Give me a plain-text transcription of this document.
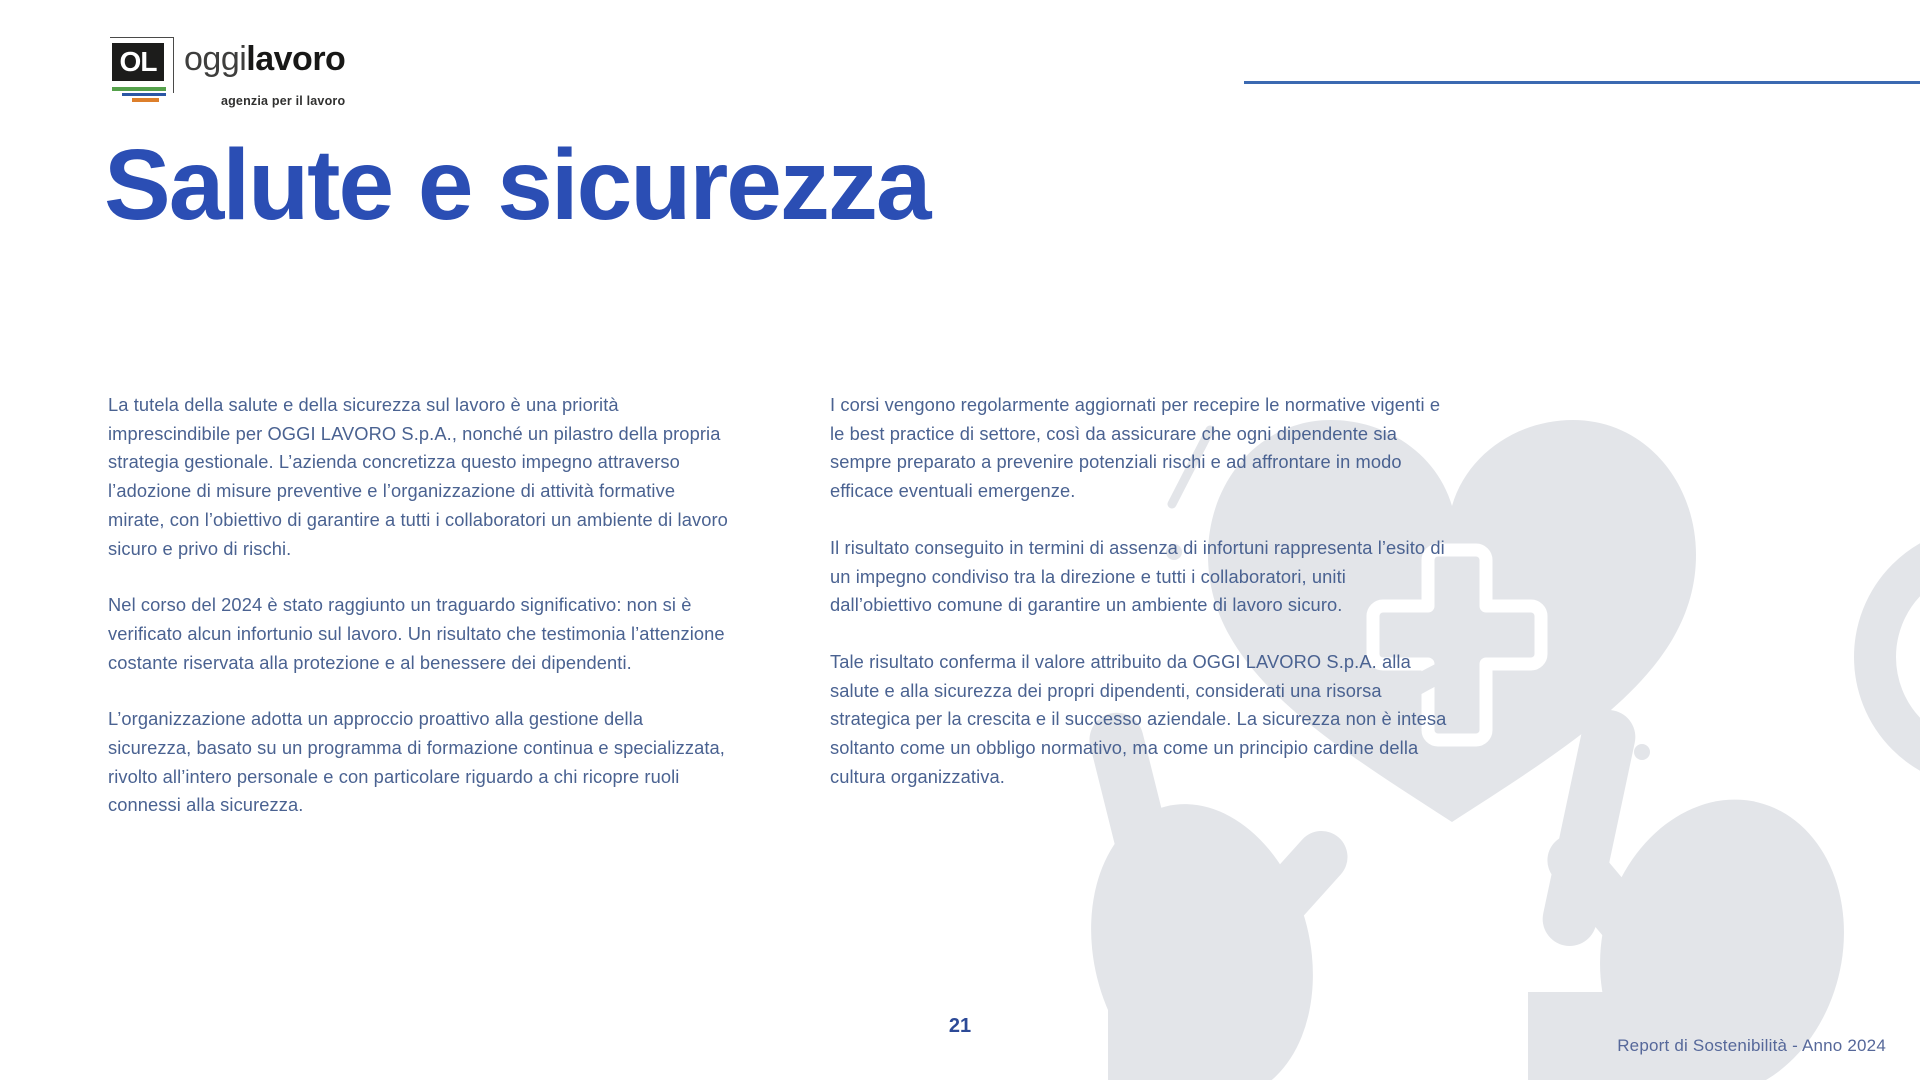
OL oggilavoro
agenzia per il lavoro
Salute e sicurezza

La tutela della salute e della sicurezza sul lavoro è una priorità imprescindibile per OGGI LAVORO S.p.A., nonché un pilastro della propria strategia gestionale. L’azienda concretizza questo impegno attraverso l’adozione di misure preventive e l’organizzazione di attività formative mirate, con l’obiettivo di garantire a tutti i collaboratori un ambiente di lavoro sicuro e privo di rischi.

Nel corso del 2024 è stato raggiunto un traguardo significativo: non si è verificato alcun infortunio sul lavoro. Un risultato che testimonia l’attenzione costante riservata alla protezione e al benessere dei dipendenti.

L’organizzazione adotta un approccio proattivo alla gestione della sicurezza, basato su un programma di formazione continua e specializzata, rivolto all’intero personale e con particolare riguardo a chi ricopre ruoli connessi alla sicurezza.

I corsi vengono regolarmente aggiornati per recepire le normative vigenti e le best practice di settore, così da assicurare che ogni dipendente sia sempre preparato a prevenire potenziali rischi e ad affrontare in modo efficace eventuali emergenze.

Il risultato conseguito in termini di assenza di infortuni rappresenta l’esito di un impegno condiviso tra la direzione e tutti i collaboratori, uniti dall’obiettivo comune di garantire un ambiente di lavoro sicuro.

Tale risultato conferma il valore attribuito da OGGI LAVORO S.p.A. alla salute e alla sicurezza dei propri dipendenti, considerati una risorsa strategica per la crescita e il successo aziendale. La sicurezza non è intesa soltanto come un obbligo normativo, ma come un principio cardine della cultura organizzativa.

21
Report di Sostenibilità - Anno 2024
